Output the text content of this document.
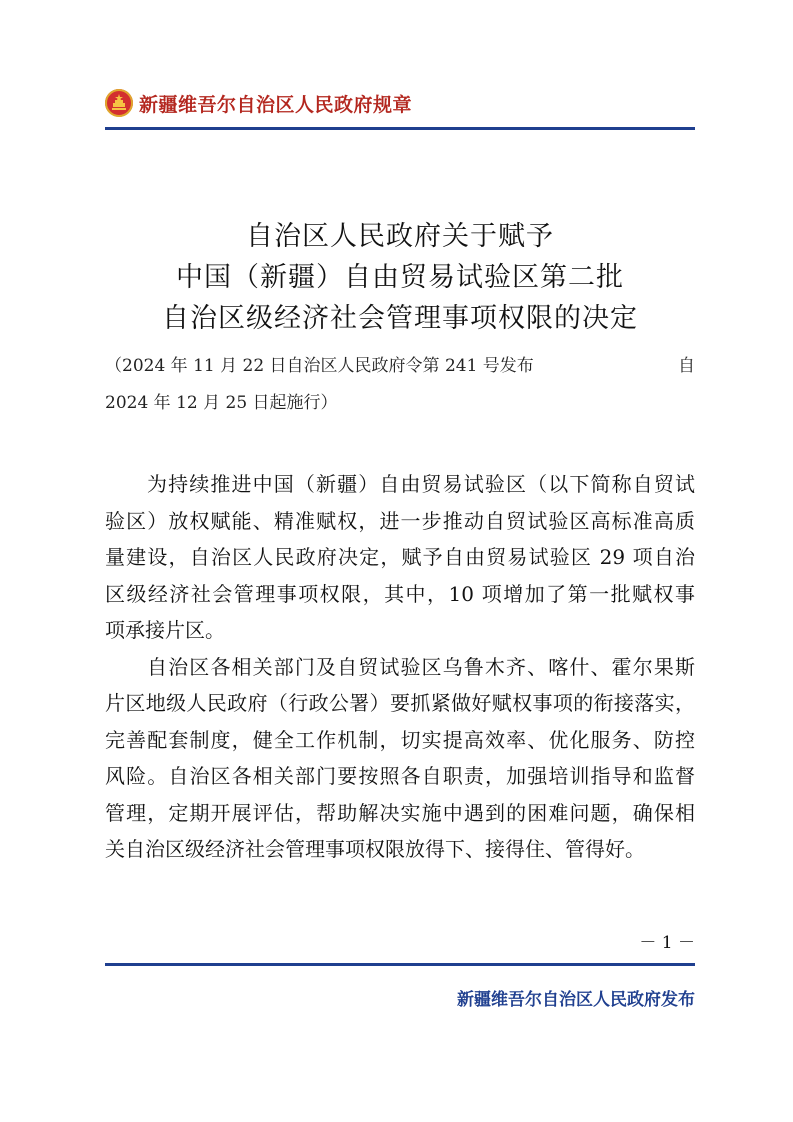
新疆维吾尔自治区人民政府规章
自治区人民政府关于赋予
中国（新疆）自由贸易试验区第二批
自治区级经济社会管理事项权限的决定
（2024 年 11 月 22 日自治区人民政府令第 241 号发布	自
2024 年 12 月 25 日起施行）
为持续推进中国（新疆）自由贸易试验区（以下简称自贸试
验区）放权赋能、精准赋权，进一步推动自贸试验区高标准高质
量建设，自治区人民政府决定，赋予自由贸易试验区 29 项自治
区级经济社会管理事项权限，其中，10 项增加了第一批赋权事
项承接片区。
自治区各相关部门及自贸试验区乌鲁木齐、喀什、霍尔果斯
片区地级人民政府（行政公署）要抓紧做好赋权事项的衔接落实，
完善配套制度，健全工作机制，切实提高效率、优化服务、防控
风险。自治区各相关部门要按照各自职责，加强培训指导和监督
管理，定期开展评估，帮助解决实施中遇到的困难问题，确保相
关自治区级经济社会管理事项权限放得下、接得住、管得好。
－ 1 －
新疆维吾尔自治区人民政府发布
